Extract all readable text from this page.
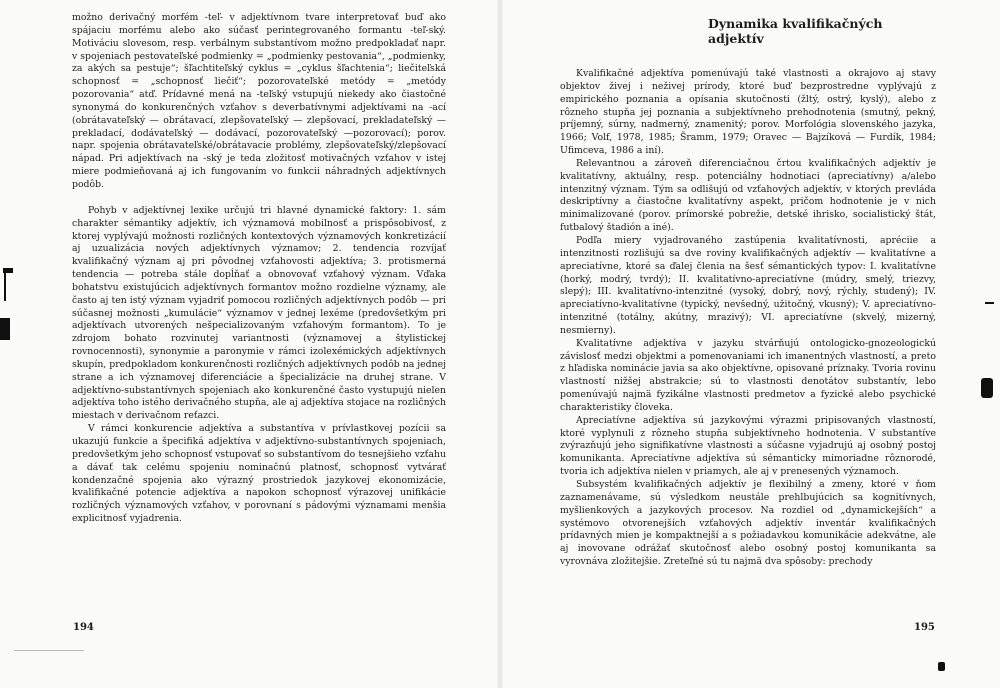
možno derivačný morfém -teľ- v adjektívnom tvare interpretovať buď ako spájaciu morfému alebo ako súčasť perintegrovaného formantu -teľ-ský. Motiváciu slovesom, resp. verbálnym substantívom možno predpokladať napr. v spojeniach pestovateľské podmienky = „podmienky pestovania“, „podmienky, za akých sa pestuje“; šľachtiteľský cyklus = „cyklus šľachtenia“; liečiteľská schopnosť = „schopnosť liečiť“; pozorovateľské metódy = „metódy pozorovania“ atď. Prídavné mená na -teľský vstupujú niekedy ako čiastočné synonymá do konkurenčných vzťahov s deverbatívnymi adjektívami na -ací (obrátavateľský — obrátavací, zlepšovateľský — zlepšovací, prekladateľský — prekladací, dodávateľský — dodávací, pozorovateľský —pozorovací); porov. napr. spojenia obrátavateľské/obrátavacie problémy, zlepšovateľský/zlepšovací nápad. Pri adjektívach na -ský je teda zložitosť motivačných vzťahov v istej miere podmieňovaná aj ich fungovaním vo funkcii náhradných adjektívnych podôb.

Pohyb v adjektívnej lexike určujú tri hlavné dynamické faktory: 1. sám charakter sémantiky adjektív, ich významová mobilnosť a prispôsobivosť, z ktorej vyplývajú možnosti rozličných kontextových významových konkretizácií aj uzualizácia nových adjektívnych významov; 2. tendencia rozvíjať kvalifikačný význam aj pri pôvodnej vzťahovosti adjektíva; 3. protismerná tendencia — potreba stále dopĺňať a obnovovať vzťahový význam. Vďaka bohatstvu existujúcich adjektívnych formantov možno rozdielne významy, ale často aj ten istý význam vyjadriť pomocou rozličných adjektívnych podôb — pri súčasnej možnosti „kumulácie“ významov v jednej lexéme (predovšetkým pri adjektívach utvorených nešpecializovaným vzťahovým formantom). To je zdrojom bohato rozvinutej variantnosti (významovej a štylistickej rovnocennosti), synonymie a paronymie v rámci izolexémických adjektívnych skupín, predpokladom konkurenčnosti rozličných adjektívnych podôb na jednej strane a ich významovej diferenciácie a špecializácie na druhej strane. V adjektívno-substantívnych spojeniach ako konkurenčné často vystupujú nielen adjektíva toho istého derivačného stupňa, ale aj adjektíva stojace na rozličných miestach v derivačnom reťazci.

V rámci konkurencie adjektíva a substantíva v prívlastkovej pozícii sa ukazujú funkcie a špecifiká adjektíva v adjektívno-substantívnych spojeniach, predovšetkým jeho schopnosť vstupovať so substantívom do tesnejšieho vzťahu a dávať tak celému spojeniu nominačnú platnosť, schopnosť vytvárať kondenzačné spojenia ako výrazný prostriedok jazykovej ekonomizácie, kvalifikačné potencie adjektíva a napokon schopnosť výrazovej unifikácie rozličných významových vzťahov, v porovnaní s pádovými významami menšia explicitnosť vyjadrenia.

194
Dynamika kvalifikačných adjektív

Kvalifikačné adjektíva pomenúvajú také vlastnosti a okrajovo aj stavy objektov živej i neživej prírody, ktoré buď bezprostredne vyplývajú z empirického poznania a opísania skutočnosti (žltý, ostrý, kyslý), alebo z rôzneho stupňa jej poznania a subjektívneho prehodnotenia (smutný, pekný, príjemný, súrny, nadmerný, znamenitý; porov. Morfológia slovenského jazyka, 1966; Volf, 1978, 1985; Šramm, 1979; Oravec — Bajzíková — Furdík, 1984; Ufimceva, 1986 a iní).

Relevantnou a zároveň diferenciačnou črtou kvalifikačných adjektív je kvalitatívny, aktuálny, resp. potenciálny hodnotiaci (apreciatívny) a/alebo intenzitný význam. Tým sa odlišujú od vzťahových adjektív, v ktorých prevláda deskriptívny a čiastočne kvalitatívny aspekt, pričom hodnotenie je v nich minimalizované (porov. prímorské pobrežie, detské ihrisko, socialistický štát, futbalový štadión a iné).

Podľa miery vyjadrovaného zastúpenia kvalitatívnosti, apréciie a intenzitnosti rozlišujú sa dve roviny kvalifikačných adjektív — kvalitatívne a apreciatívne, ktoré sa ďalej členia na šesť sémantických typov: I. kvalitatívne (horký, modrý, tvrdý); II. kvalitatívno-apreciatívne (múdry, smelý, triezvy, slepý); III. kvalitatívno-intenzitné (vysoký, dobrý, nový, rýchly, studený); IV. apreciatívno-kvalitatívne (typický, nevšedný, užitočný, vkusný); V. apreciatívno-intenzitné (totálny, akútny, mrazivý); VI. apreciatívne (skvelý, mizerný, nesmierny).

Kvalitatívne adjektíva v jazyku stvárňujú ontologicko-gnozeologickú závislosť medzi objektmi a pomenovaniami ich imanentných vlastností, a preto z hľadiska nominácie javia sa ako objektívne, opisované príznaky. Tvoria rovinu vlastností nižšej abstrakcie; sú to vlastnosti denotátov substantív, lebo pomenúvajú najmä fyzikálne vlastnosti predmetov a fyzické alebo psychické charakteristiky človeka.

Apreciatívne adjektíva sú jazykovými výrazmi pripisovaných vlastností, ktoré vyplynuli z rôzneho stupňa subjektívneho hodnotenia. V substantíve zvýrazňujú jeho signifikatívne vlastnosti a súčasne vyjadrujú aj osobný postoj komunikanta. Apreciatívne adjektíva sú sémanticky mimoriadne rôznorodé, tvoria ich adjektíva nielen v priamych, ale aj v prenesených významoch.

Subsystém kvalifikačných adjektív je flexibilný a zmeny, ktoré v ňom zaznamenávame, sú výsledkom neustále prehlbujúcich sa kognitívnych, myšlienkových a jazykových procesov. Na rozdiel od „dynamickejších“ a systémovo otvorenejších vzťahových adjektív inventár kvalifikačných prídavných mien je kompaktnejší a s požiadavkou komunikácie adekvátne, ale aj inovovane odrážať skutočnosť alebo osobný postoj komunikanta sa vyrovnáva zložitejšie. Zreteľné sú tu najmä dva spôsoby: prechody

195
